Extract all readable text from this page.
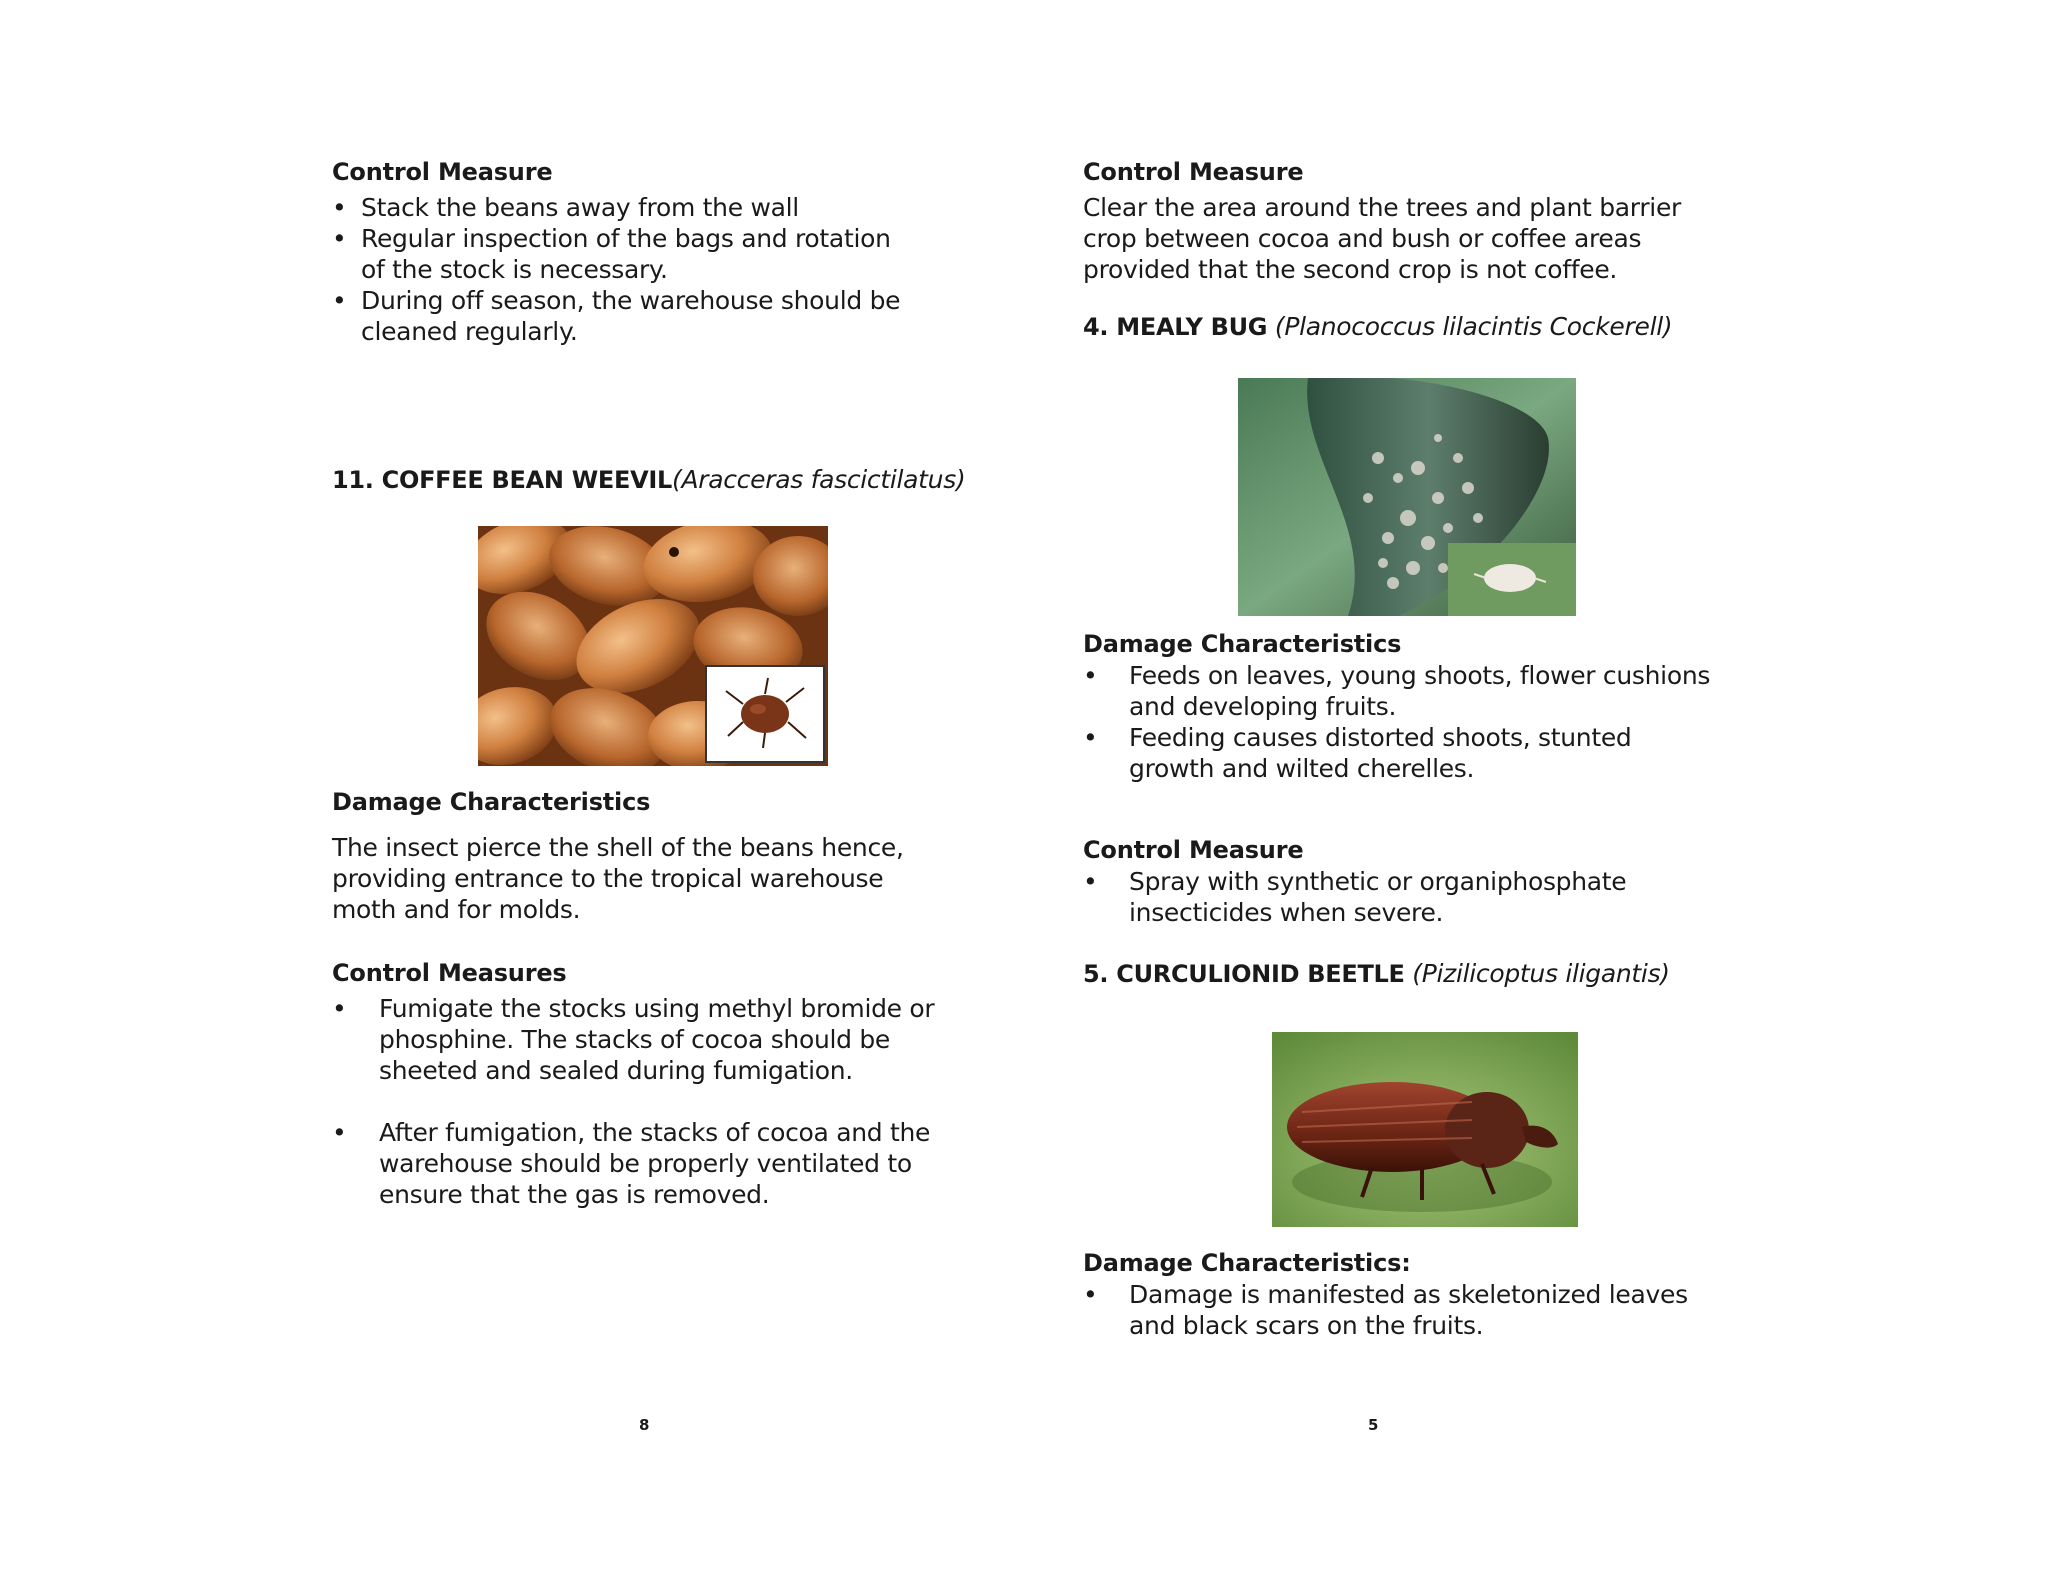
Control Measure

• Stack the beans away from the wall
• Regular inspection of the bags and rotation of the stock is necessary.
• During off season, the warehouse should be cleaned regularly.

11. COFFEE BEAN WEEVIL(Aracceras fascictilatus)

Damage Characteristics

The insect pierce the shell of the beans hence, providing entrance to the tropical warehouse moth and for molds.

Control Measures

• Fumigate the stocks using methyl bromide or phosphine. The stacks of cocoa should be sheeted and sealed during fumigation.
• After fumigation, the stacks of cocoa and the warehouse should be properly ventilated to ensure that the gas is removed.
8

Control Measure

Clear the area around the trees and plant barrier crop between cocoa and bush or coffee areas provided that the second crop is not coffee.

4. MEALY BUG (Planococcus lilacintis Cockerell)

Damage Characteristics

• Feeds on leaves, young shoots, flower cushions and developing fruits.
• Feeding causes distorted shoots, stunted growth and wilted cherelles.

Control Measure

• Spray with synthetic or organiphosphate insecticides when severe.

5. CURCULIONID BEETLE (Pizilicoptus iligantis)

Damage Characteristics:

• Damage is manifested as skeletonized leaves and black scars on the fruits.
5
